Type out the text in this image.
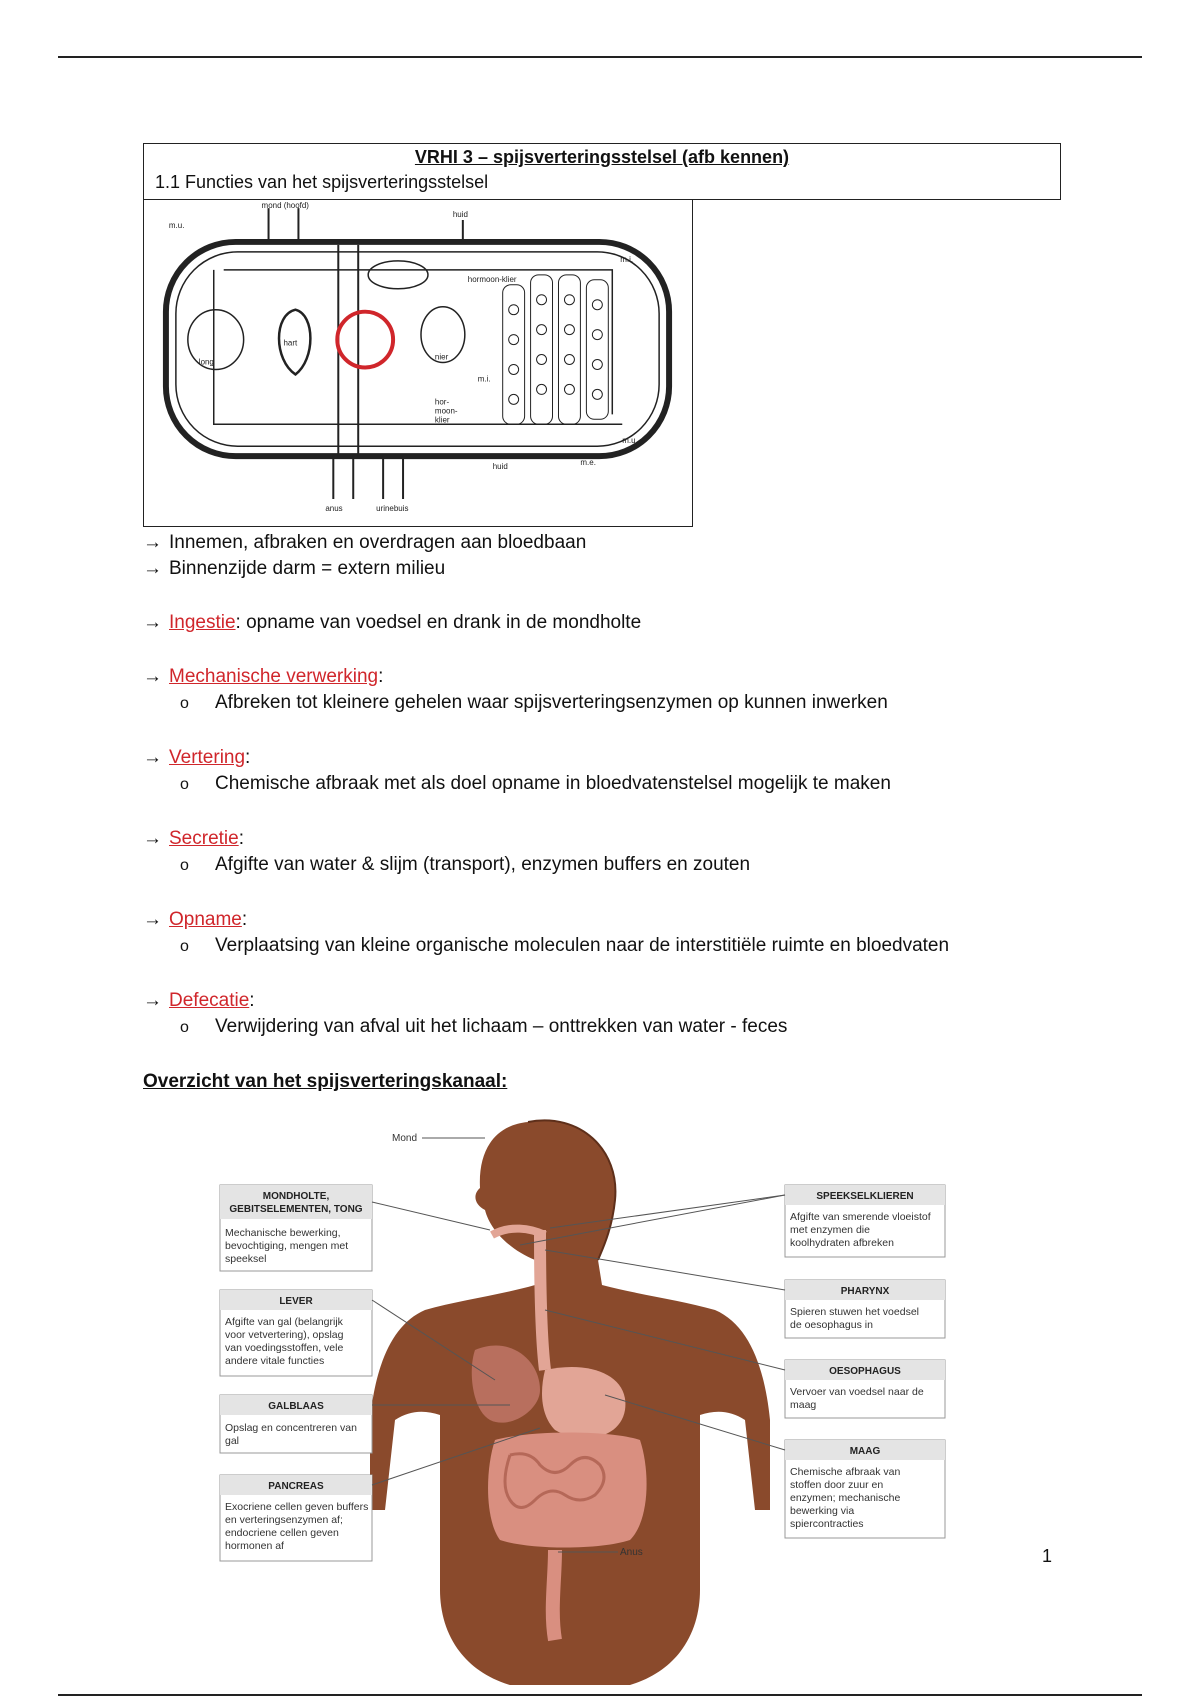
VRHI 3 – spijsverteringsstelsel (afb kennen)
1.1 Functies van het spijsverteringsstelsel
mond (hoofd)
huid
m.u.
m.i.
hart
long
nier
hormoon-klier
m.i.
hor-
moon-
klier
m.u.
m.e.
anus	urinebuis
huid
→ Innemen, afbraken en overdragen aan bloedbaan
→ Binnenzijde darm = extern milieu
→ Ingestie: opname van voedsel en drank in de mondholte
→ Mechanische verwerking:
o Afbreken tot kleinere gehelen waar spijsverteringsenzymen op kunnen inwerken
→ Vertering:
o Chemische afbraak met als doel opname in bloedvatenstelsel mogelijk te maken
→ Secretie:
o Afgifte van water & slijm (transport), enzymen buffers en zouten
→ Opname:
o Verplaatsing van kleine organische moleculen naar de interstitiële ruimte en bloedvaten
→ Defecatie:
o Verwijdering van afval uit het lichaam – onttrekken van water - feces
Overzicht van het spijsverteringskanaal:
Mond
Anus
MONDHOLTE,
GEBITSELEMENTEN, TONG
Mechanische bewerking,
bevochtiging, mengen met
speeksel
LEVER
Afgifte van gal (belangrijk
voor vetvertering), opslag
van voedingsstoffen, vele
andere vitale functies
GALBLAAS
Opslag en concentreren van
gal
PANCREAS
Exocriene cellen geven buffers
en verteringsenzymen af;
endocriene cellen geven
hormonen af
SPEEKSELKLIEREN
Afgifte van smerende vloeistof
met enzymen die
koolhydraten afbreken
PHARYNX
Spieren stuwen het voedsel
de oesophagus in
OESOPHAGUS
Vervoer van voedsel naar de
maag
MAAG
Chemische afbraak van
stoffen door zuur en
enzymen; mechanische
bewerking via
spiercontracties
1
